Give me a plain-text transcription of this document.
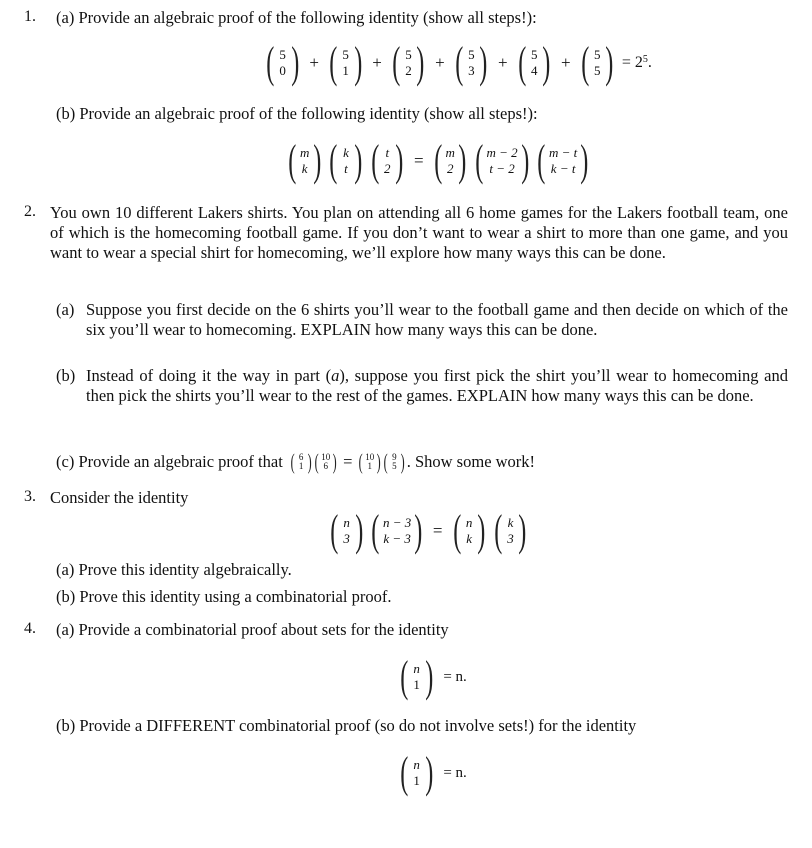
1. (a) Provide an algebraic proof of the following identity (show all steps!):
( 5
0 ) + ( 5
1 ) + ( 5
2 ) + ( 5
3 ) + ( 5
4 ) + ( 5
5 ) = $2^5$ .
(b) Provide an algebraic proof of the following identity (show all steps!):
( m
k ) ( k
t ) ( t
2 ) = ( m
2 ) ( m − 2
t − 2 ) ( m − t
k − t )
2. You own 10 different Lakers shirts. You plan on attending all 6 home games for the Lakers football team, one of which is the homecoming football game. If you don’t want to wear a shirt to more than one game, and you want to wear a special shirt for homecoming, we’ll explore how many ways this can be done.
(a) Suppose you first decide on the 6 shirts you’ll wear to the football game and then decide on which of the six you’ll wear to homecoming. EXPLAIN how many ways this can be done.
(b) Instead of doing it the way in part (a), suppose you first pick the shirt you’ll wear to homecoming and then pick the shirts you’ll wear to the rest of the games. EXPLAIN how many ways this can be done.
(c) Provide an algebraic proof that ( 6
1 ) ( 10
6 ) = ( 10
1 ) ( 9
5 ) . Show some work!
3. Consider the identity
( n
3 ) ( n − 3
k − 3 ) = ( n
k ) ( k
3 )
(a) Prove this identity algebraically.
(b) Prove this identity using a combinatorial proof.
4. (a) Provide a combinatorial proof about sets for the identity
( n
1 ) = n.
(b) Provide a DIFFERENT combinatorial proof (so do not involve sets!) for the identity
( n
1 ) = n.
